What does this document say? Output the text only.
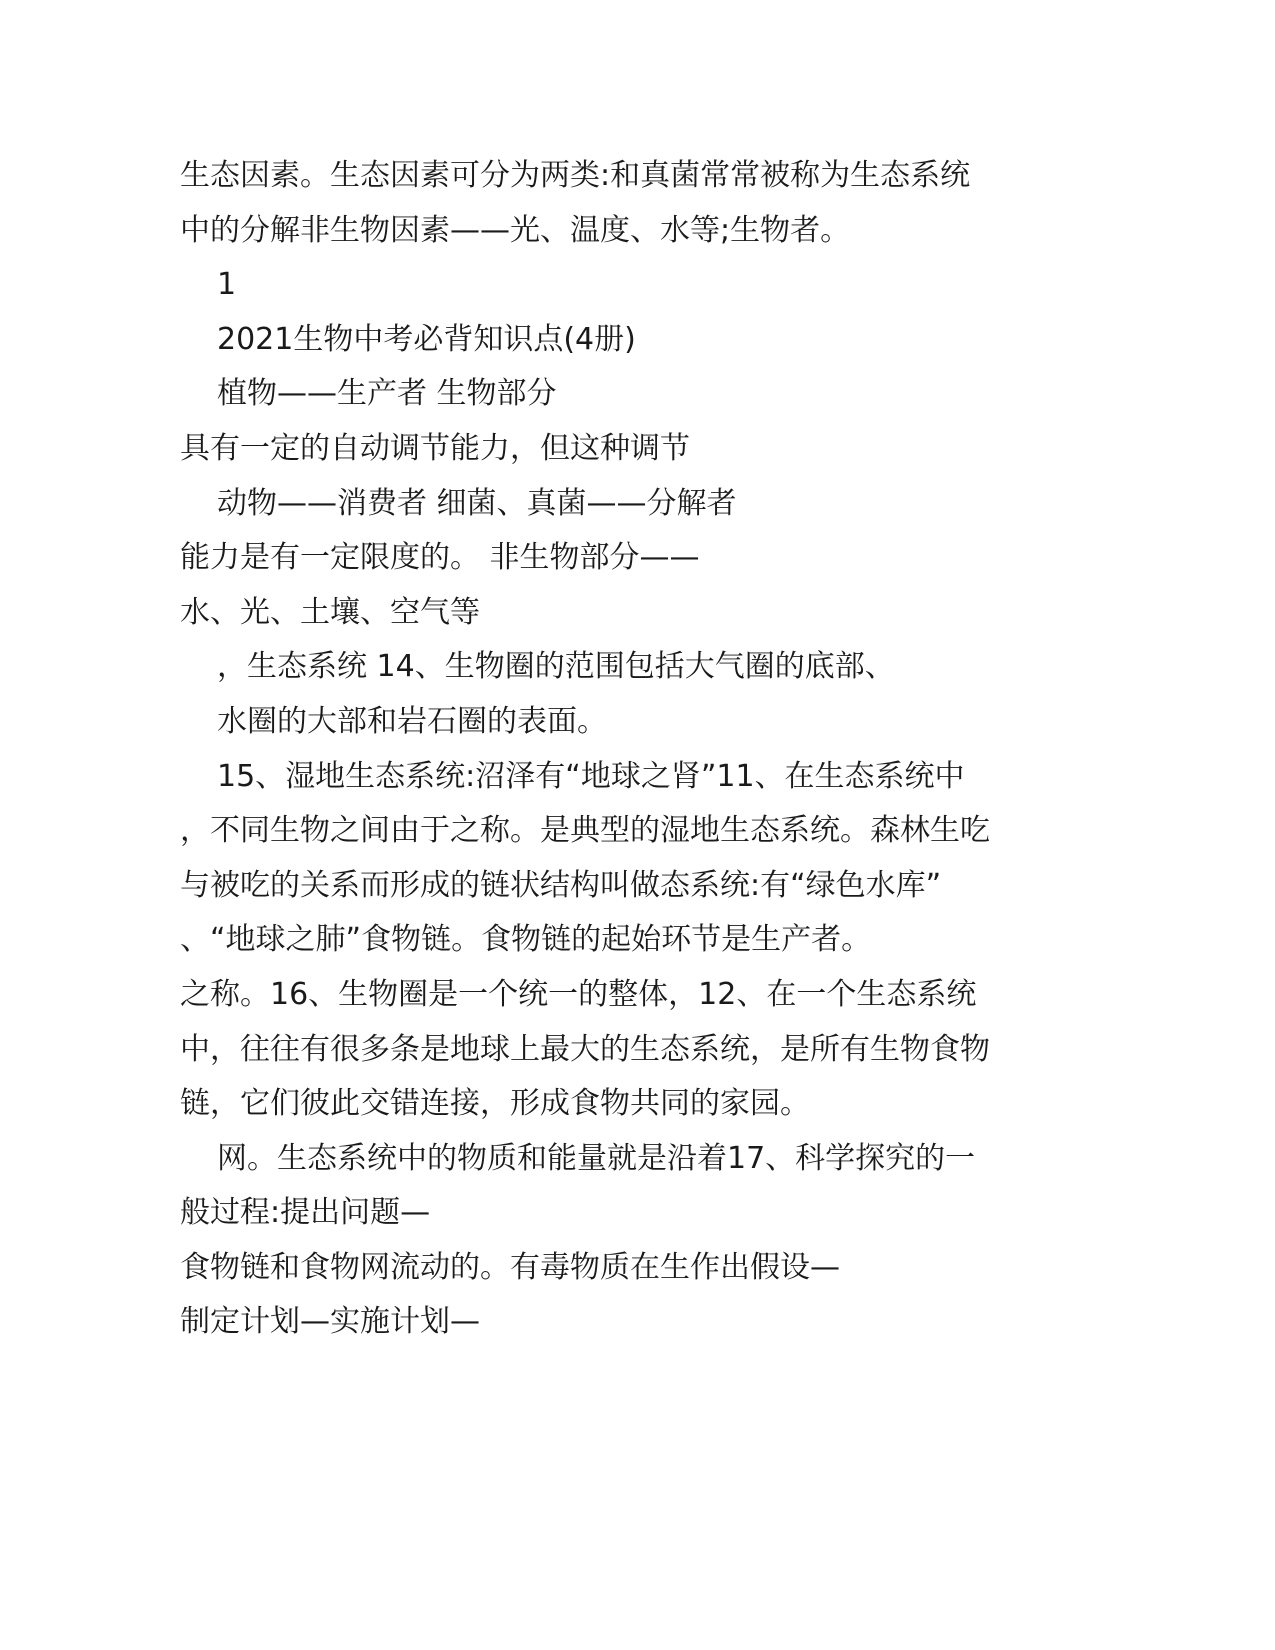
生态因素。生态因素可分为两类:和真菌常常被称为生态系统
中的分解非生物因素——光、温度、水等;生物者。
1
2021生物中考必背知识点(4册)
植物——生产者 生物部分
具有一定的自动调节能力，但这种调节
动物——消费者 细菌、真菌——分解者
能力是有一定限度的。 非生物部分——
水、光、土壤、空气等
，生态系统 14、生物圈的范围包括大气圈的底部、
水圈的大部和岩石圈的表面。
15、湿地生态系统:沼泽有“地球之肾”11、在生态系统中
，不同生物之间由于之称。是典型的湿地生态系统。森林生吃
与被吃的关系而形成的链状结构叫做态系统:有“绿色水库”
、“地球之肺”食物链。食物链的起始环节是生产者。
之称。16、生物圈是一个统一的整体，12、在一个生态系统
中，往往有很多条是地球上最大的生态系统，是所有生物食物
链，它们彼此交错连接，形成食物共同的家园。
网。生态系统中的物质和能量就是沿着17、科学探究的一
般过程:提出问题—
食物链和食物网流动的。有毒物质在生作出假设—
制定计划—实施计划—
